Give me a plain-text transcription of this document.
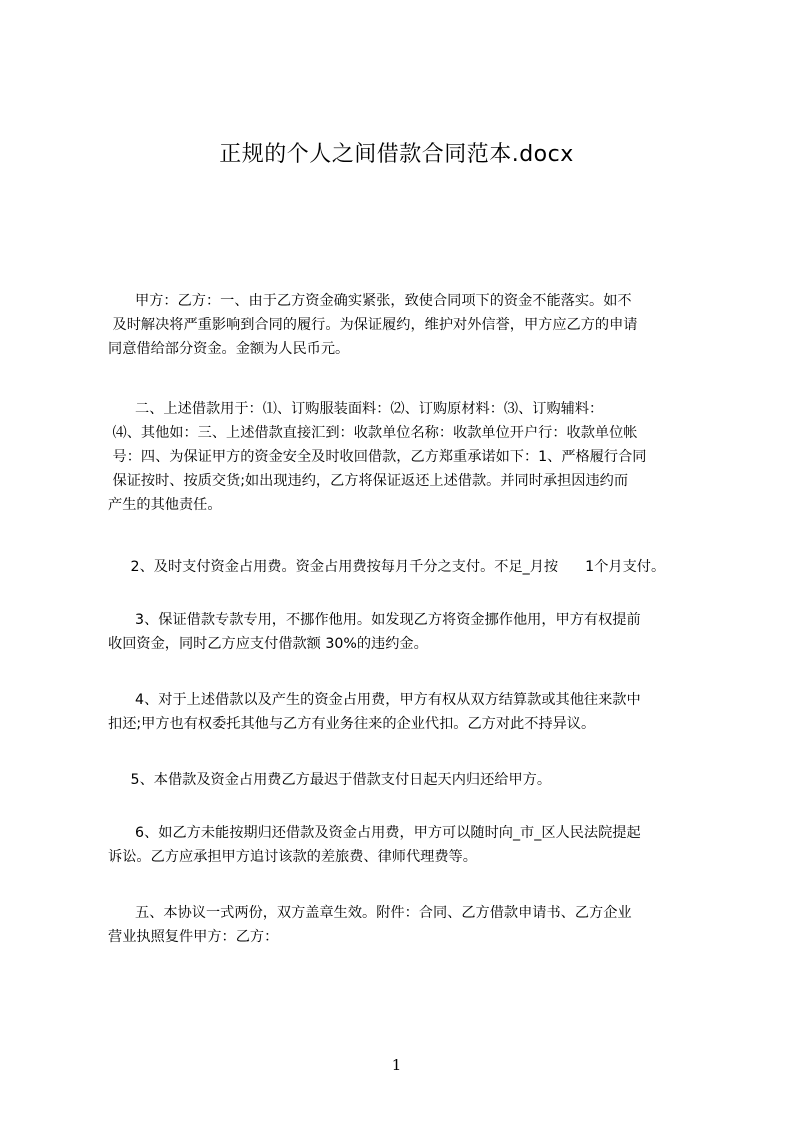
正规的个人之间借款合同范本.docx
甲方：乙方：一、由于乙方资金确实紧张，致使合同项下的资金不能落实。如不
及时解决将严重影响到合同的履行。为保证履约，维护对外信誉，甲方应乙方的申请
同意借给部分资金。金额为人民币元。
二、上述借款用于：⑴、订购服装面料：⑵、订购原材料：⑶、订购辅料：
⑷、其他如：三、上述借款直接汇到：收款单位名称：收款单位开户行：收款单位帐
号：四、为保证甲方的资金安全及时收回借款，乙方郑重承诺如下：1、严格履行合同
保证按时、按质交货;如出现违约，乙方将保证返还上述借款。并同时承担因违约而
产生的其他责任。
2、及时支付资金占用费。资金占用费按每月千分之支付。不足_月按      1个月支付。
3、保证借款专款专用，不挪作他用。如发现乙方将资金挪作他用，甲方有权提前
收回资金，同时乙方应支付借款额 30%的违约金。
4、对于上述借款以及产生的资金占用费，甲方有权从双方结算款或其他往来款中
扣还;甲方也有权委托其他与乙方有业务往来的企业代扣。乙方对此不持异议。
5、本借款及资金占用费乙方最迟于借款支付日起天内归还给甲方。
6、如乙方未能按期归还借款及资金占用费，甲方可以随时向_市_区人民法院提起
诉讼。乙方应承担甲方追讨该款的差旅费、律师代理费等。
五、本协议一式两份，双方盖章生效。附件：合同、乙方借款申请书、乙方企业
营业执照复件甲方：乙方：
1
